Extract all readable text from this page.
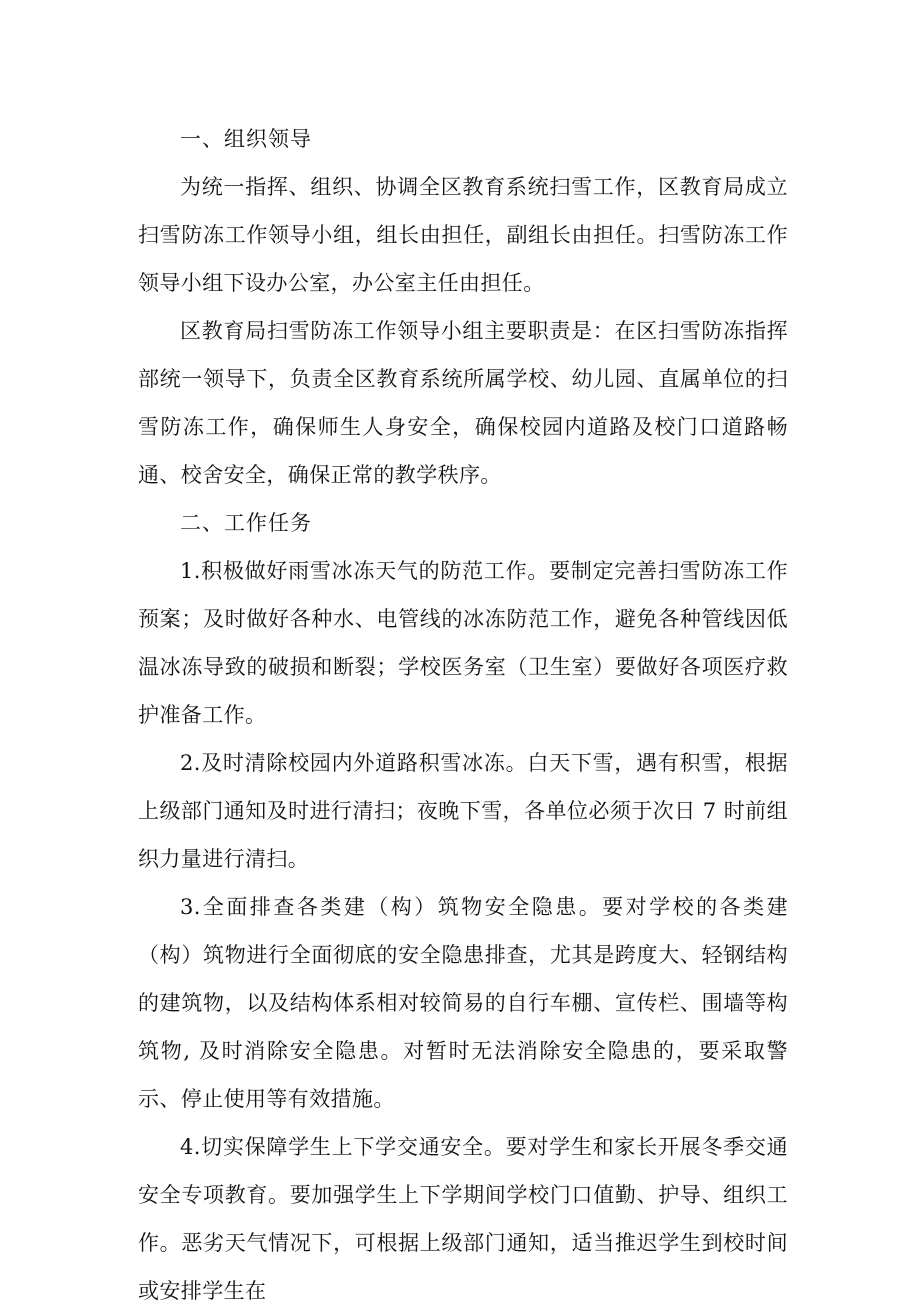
一、组织领导

为统一指挥、组织、协调全区教育系统扫雪工作，区教育局成立扫雪防冻工作领导小组，组长由担任，副组长由担任。扫雪防冻工作领导小组下设办公室，办公室主任由担任。

区教育局扫雪防冻工作领导小组主要职责是：在区扫雪防冻指挥部统一领导下，负责全区教育系统所属学校、幼儿园、直属单位的扫雪防冻工作，确保师生人身安全，确保校园内道路及校门口道路畅通、校舍安全，确保正常的教学秩序。

二、工作任务

1.积极做好雨雪冰冻天气的防范工作。要制定完善扫雪防冻工作预案；及时做好各种水、电管线的冰冻防范工作，避免各种管线因低温冰冻导致的破损和断裂；学校医务室（卫生室）要做好各项医疗救护准备工作。

2.及时清除校园内外道路积雪冰冻。白天下雪，遇有积雪，根据上级部门通知及时进行清扫；夜晚下雪，各单位必须于次日 7 时前组织力量进行清扫。

3.全面排查各类建（构）筑物安全隐患。要对学校的各类建（构）筑物进行全面彻底的安全隐患排查，尤其是跨度大、轻钢结构的建筑物，以及结构体系相对较简易的自行车棚、宣传栏、围墙等构筑物, 及时消除安全隐患。对暂时无法消除安全隐患的，要采取警示、停止使用等有效措施。

4.切实保障学生上下学交通安全。要对学生和家长开展冬季交通安全专项教育。要加强学生上下学期间学校门口值勤、护导、组织工作。恶劣天气情况下，可根据上级部门通知，适当推迟学生到校时间或安排学生在
